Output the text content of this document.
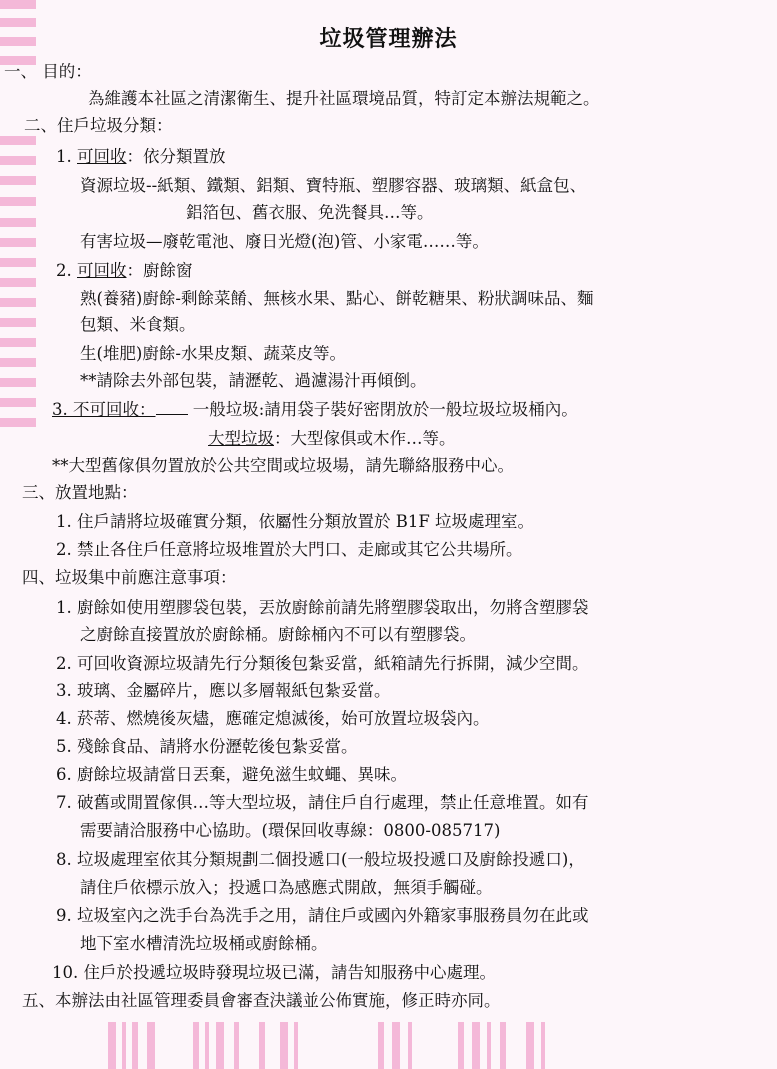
垃圾管理辦法
一、 目的：
為維護本社區之清潔衛生、提升社區環境品質，特訂定本辦法規範之。
二、住戶垃圾分類：
1. 可回收：依分類置放
資源垃圾--紙類、鐵類、鋁類、寶特瓶、塑膠容器、玻璃類、紙盒包、
鋁箔包、舊衣服、免洗餐具…等。
有害垃圾—廢乾電池、廢日光燈(泡)管、小家電……等。
2. 可回收：廚餘窗
熟(養豬)廚餘-剩餘菜餚、無核水果、點心、餅乾糖果、粉狀調味品、麵
包類、米食類。
生(堆肥)廚餘-水果皮類、蔬菜皮等。
**請除去外部包裝，請瀝乾、過濾湯汁再傾倒。
3. 不可回收： 一般垃圾:請用袋子裝好密閉放於一般垃圾垃圾桶內。
大型垃圾：大型傢俱或木作…等。
**大型舊傢俱勿置放於公共空間或垃圾場，請先聯絡服務中心。
三、放置地點：
1. 住戶請將垃圾確實分類，依屬性分類放置於 B1F 垃圾處理室。
2. 禁止各住戶任意將垃圾堆置於大門口、走廊或其它公共場所。
四、垃圾集中前應注意事項：
1. 廚餘如使用塑膠袋包裝，丟放廚餘前請先將塑膠袋取出，勿將含塑膠袋
之廚餘直接置放於廚餘桶。廚餘桶內不可以有塑膠袋。
2. 可回收資源垃圾請先行分類後包紮妥當，紙箱請先行拆開，減少空間。
3. 玻璃、金屬碎片，應以多層報紙包紮妥當。
4. 菸蒂、燃燒後灰燼，應確定熄滅後，始可放置垃圾袋內。
5. 殘餘食品、請將水份瀝乾後包紮妥當。
6. 廚餘垃圾請當日丟棄，避免滋生蚊蠅、異味。
7. 破舊或閒置傢俱…等大型垃圾，請住戶自行處理，禁止任意堆置。如有
需要請洽服務中心協助。(環保回收專線：0800-085717)
8. 垃圾處理室依其分類規劃二個投遞口(一般垃圾投遞口及廚餘投遞口)，
請住戶依標示放入；投遞口為感應式開啟，無須手觸碰。
9. 垃圾室內之洗手台為洗手之用，請住戶或國內外籍家事服務員勿在此或
地下室水槽清洗垃圾桶或廚餘桶。
10. 住戶於投遞垃圾時發現垃圾已滿，請告知服務中心處理。
五、本辦法由社區管理委員會審查決議並公佈實施，修正時亦同。
